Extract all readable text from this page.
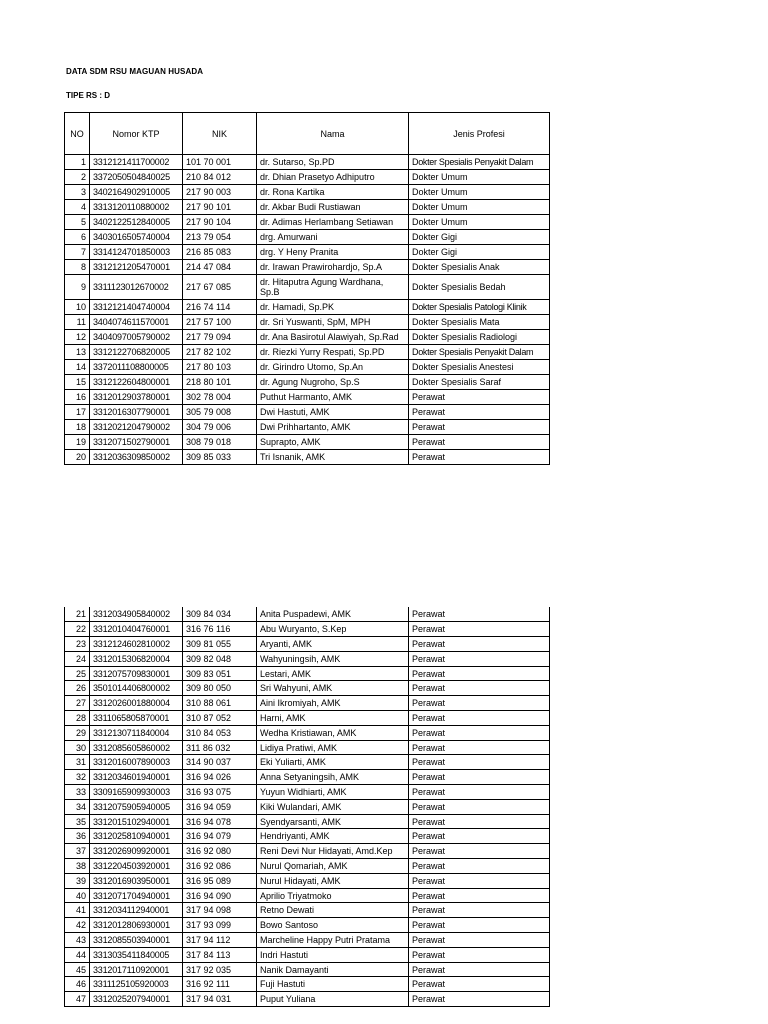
DATA SDM RSU MAGUAN HUSADA
TIPE RS : D
NO	Nomor KTP	NIK	Nama	Jenis Profesi
1	3312121411700002	101 70 001	dr. Sutarso, Sp.PD	Dokter Spesialis Penyakit Dalam
2	3372050504840025	210 84 012	dr. Dhian Prasetyo Adhiputro	Dokter Umum
3	3402164902910005	217 90 003	dr. Rona Kartika	Dokter Umum
4	3313120110880002	217 90 101	dr. Akbar Budi Rustiawan	Dokter Umum
5	3402122512840005	217 90 104	dr. Adimas Herlambang Setiawan	Dokter Umum
6	3403016505740004	213 79 054	drg. Amurwani	Dokter Gigi
7	3314124701850003	216 85 083	drg. Y Heny Pranita	Dokter Gigi
8	3312121205470001	214 47 084	dr. Irawan Prawirohardjo, Sp.A	Dokter Spesialis Anak
9	3311123012670002	217 67 085	dr. Hitaputra Agung Wardhana, Sp.B	Dokter Spesialis Bedah
10	3312121404740004	216 74 114	dr. Hamadi, Sp.PK	Dokter Spesialis Patologi Klinik
11	3404074611570001	217 57 100	dr. Sri Yuswanti, SpM, MPH	Dokter Spesialis Mata
12	3404097005790002	217 79 094	dr. Ana Basirotul Alawiyah, Sp.Rad	Dokter Spesialis Radiologi
13	3312122706820005	217 82 102	dr. Riezki Yurry Respati, Sp.PD	Dokter Spesialis Penyakit Dalam
14	3372011108800005	217 80 103	dr. Girindro Utomo, Sp.An	Dokter Spesialis Anestesi
15	3312122604800001	218 80 101	dr. Agung Nugroho, Sp.S	Dokter Spesialis Saraf
16	3312012903780001	302 78 004	Puthut Harmanto, AMK	Perawat
17	3312016307790001	305 79 008	Dwi Hastuti, AMK	Perawat
18	3312021204790002	304 79 006	Dwi Prihhartanto, AMK	Perawat
19	3312071502790001	308 79 018	Suprapto, AMK	Perawat
20	3312036309850002	309 85 033	Tri Isnanik, AMK	Perawat
21	3312034905840002	309 84 034	Anita Puspadewi, AMK	Perawat
22	3312010404760001	316 76 116	Abu Wuryanto, S.Kep	Perawat
23	3312124602810002	309 81 055	Aryanti, AMK	Perawat
24	3312015306820004	309 82 048	Wahyuningsih, AMK	Perawat
25	3312075709830001	309 83 051	Lestari, AMK	Perawat
26	3501014406800002	309 80 050	Sri Wahyuni, AMK	Perawat
27	3312026001880004	310 88 061	Aini Ikromiyah, AMK	Perawat
28	3311065805870001	310 87 052	Harni, AMK	Perawat
29	3312130711840004	310 84 053	Wedha Kristiawan, AMK	Perawat
30	3312085605860002	311 86 032	Lidiya Pratiwi, AMK	Perawat
31	3312016007890003	314 90 037	Eki Yuliarti, AMK	Perawat
32	3312034601940001	316 94 026	Anna Setyaningsih, AMK	Perawat
33	3309165909930003	316 93 075	Yuyun Widhiarti, AMK	Perawat
34	3312075905940005	316 94 059	Kiki Wulandari, AMK	Perawat
35	3312015102940001	316 94 078	Syendyarsanti, AMK	Perawat
36	3312025810940001	316 94 079	Hendriyanti, AMK	Perawat
37	3312026909920001	316 92 080	Reni Devi Nur Hidayati, Amd.Kep	Perawat
38	3312204503920001	316 92 086	Nurul Qomariah, AMK	Perawat
39	3312016903950001	316 95 089	Nurul Hidayati, AMK	Perawat
40	3312071704940001	316 94 090	Aprilio Triyatmoko	Perawat
41	3312034112940001	317 94 098	Retno Dewati	Perawat
42	3312012806930001	317 93 099	Bowo Santoso	Perawat
43	3312085503940001	317 94 112	Marcheline Happy Putri Pratama	Perawat
44	3313035411840005	317 84 113	Indri Hastuti	Perawat
45	3312017110920001	317 92 035	Nanik Damayanti	Perawat
46	3311125105920003	316 92 111	Fuji Hastuti	Perawat
47	3312025207940001	317 94 031	Puput Yuliana	Perawat
